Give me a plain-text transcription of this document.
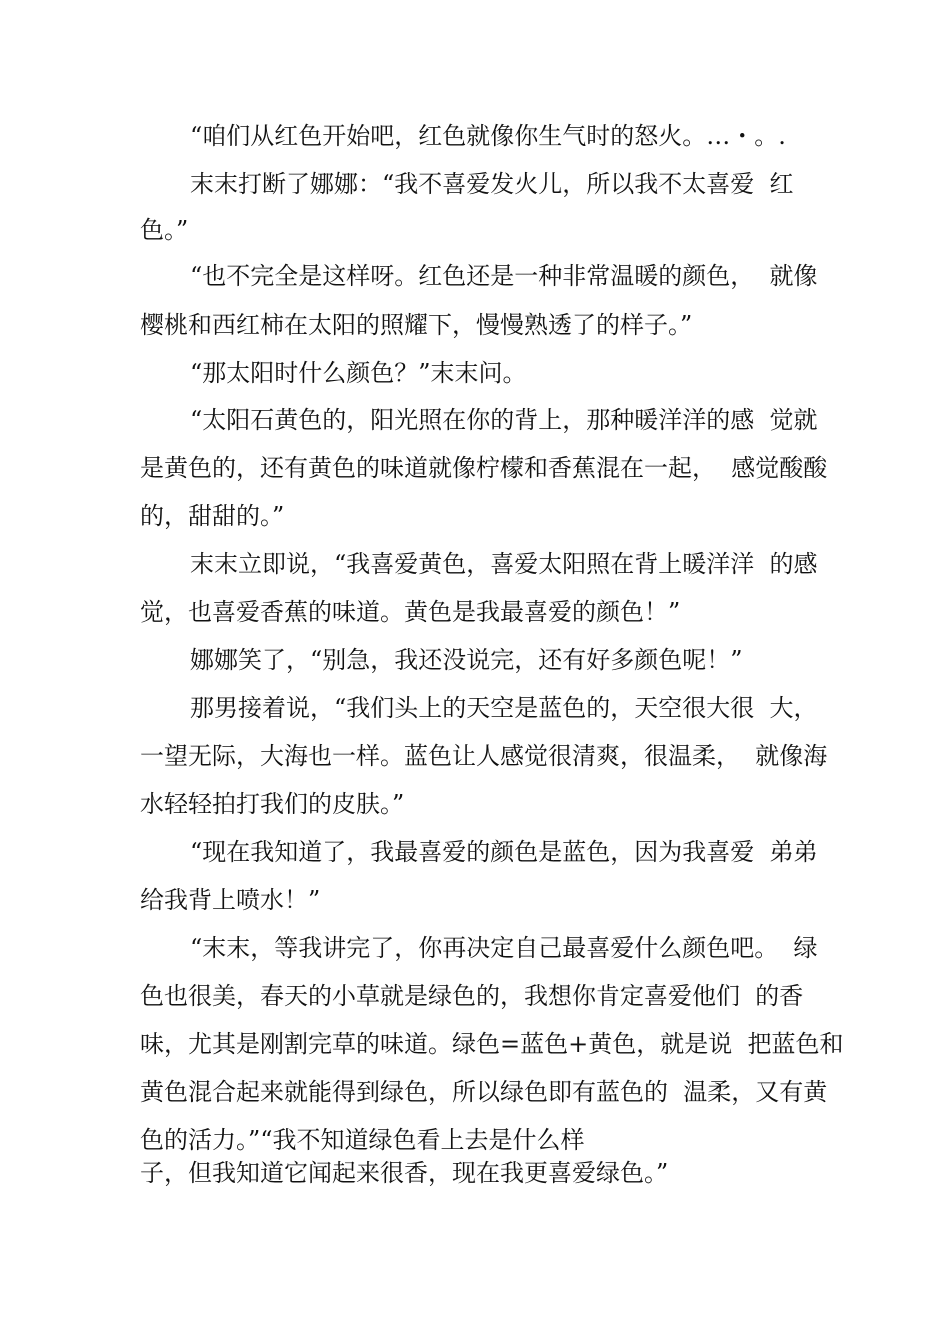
“咱们从红色开始吧，红色就像你生气时的怒火。…・。.

末末打断了娜娜：“我不喜爱发火儿，所以我不太喜爱  红

色。”

“也不完全是这样呀。红色还是一种非常温暖的颜色，  就像

樱桃和西红柿在太阳的照耀下，慢慢熟透了的样子。”

“那太阳时什么颜色？”末末问。

“太阳石黄色的，阳光照在你的背上，那种暖洋洋的感  觉就

是黄色的，还有黄色的味道就像柠檬和香蕉混在一起，  感觉酸酸

的，甜甜的。”

末末立即说，“我喜爱黄色，喜爱太阳照在背上暖洋洋  的感

觉，也喜爱香蕉的味道。黄色是我最喜爱的颜色！”

娜娜笑了，“别急，我还没说完，还有好多颜色呢！”

那男接着说，“我们头上的天空是蓝色的，天空很大很  大，

一望无际，大海也一样。蓝色让人感觉很清爽，很温柔，  就像海

水轻轻拍打我们的皮肤。”

“现在我知道了，我最喜爱的颜色是蓝色，因为我喜爱  弟弟

给我背上喷水！”

“末末，等我讲完了，你再决定自己最喜爱什么颜色吧。  绿

色也很美，春天的小草就是绿色的，我想你肯定喜爱他们  的香

味，尤其是刚割完草的味道。绿色=蓝色+黄色，就是说  把蓝色和

黄色混合起来就能得到绿色，所以绿色即有蓝色的  温柔，又有黄

色的活力。”“我不知道绿色看上去是什么样

子，但我知道它闻起来很香，现在我更喜爱绿色。”
